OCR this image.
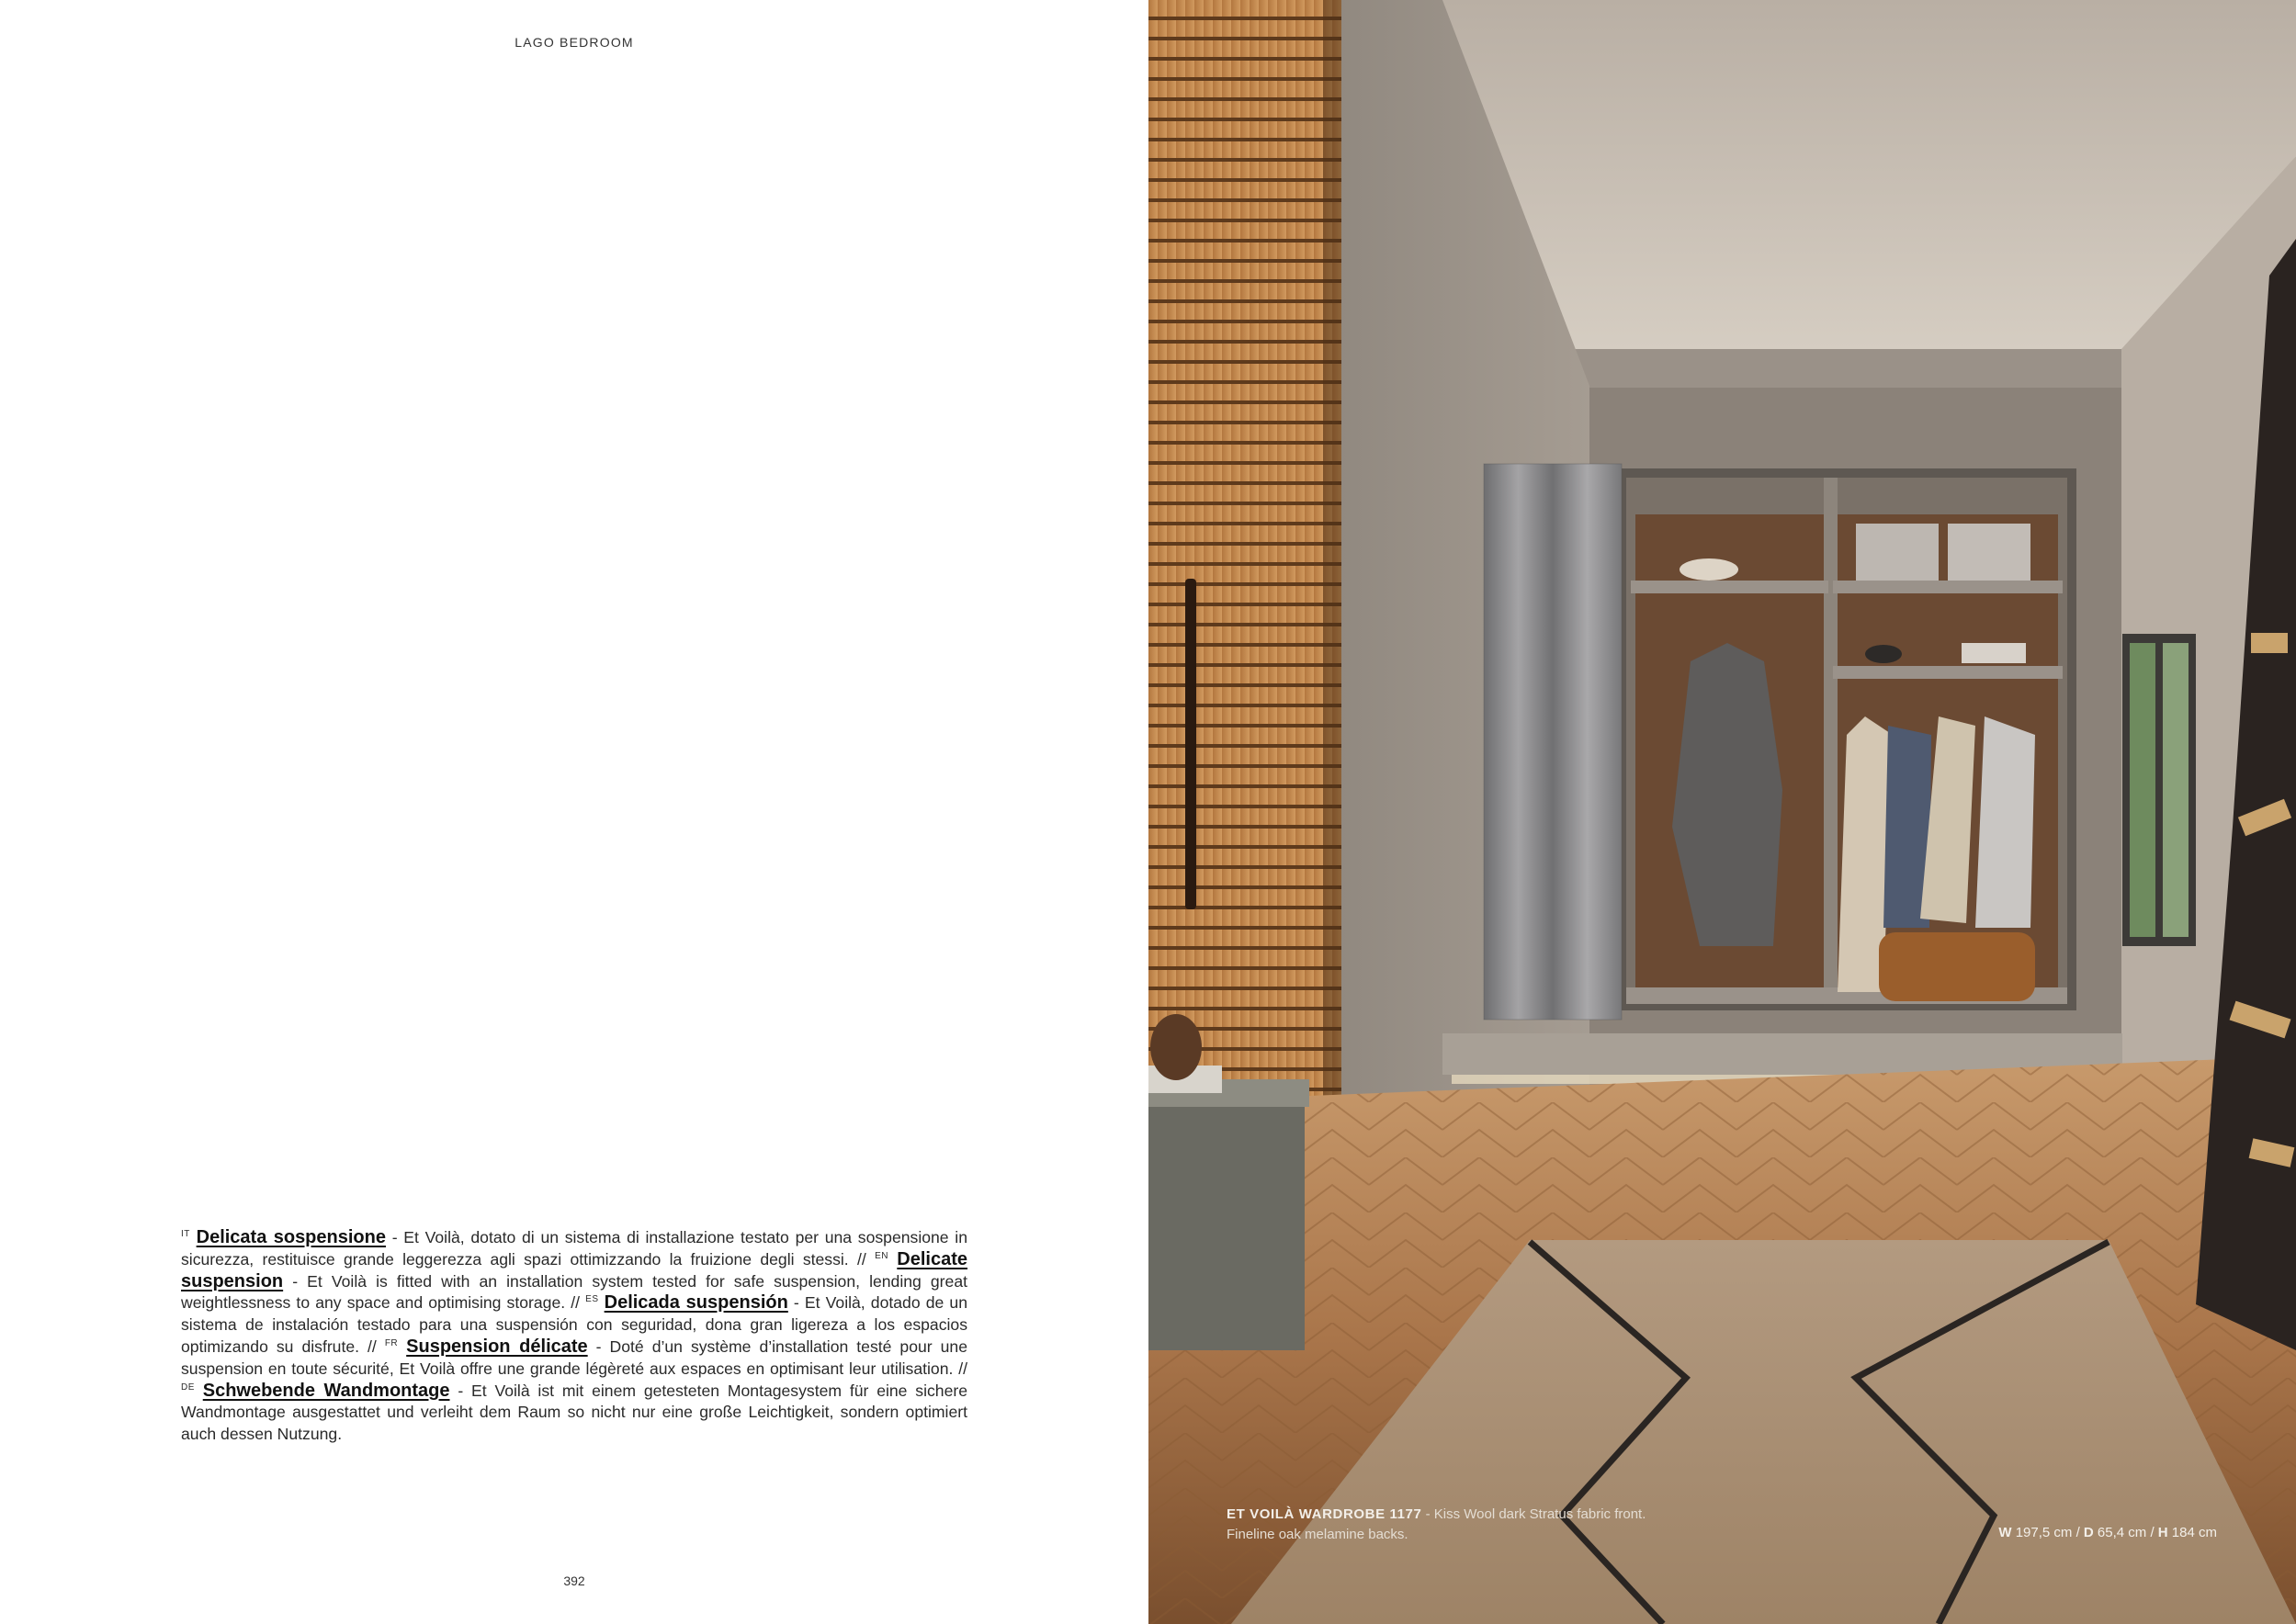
LAGO BEDROOM

$^{IT}$ Delicata sospensione - Et Voilà, dotato di un sistema di installazione testato per una sospensione in sicurezza, restituisce grande leggerezza agli spazi ottimizzando la fruizione degli stessi. // $^{EN}$ Delicate suspension - Et Voilà is fitted with an installation system tested for safe suspension, lending great weightlessness to any space and optimising storage. // $^{ES}$ Delicada suspensión - Et Voilà, dotado de un sistema de instalación testado para una suspensión con seguridad, dona gran ligereza a los espacios optimizando su disfrute. // $^{FR}$ Suspension délicate - Doté d’un système d’installation testé pour une suspension en toute sécurité, Et Voilà offre une grande légèreté aux espaces en optimisant leur utilisation. // $^{DE}$ Schwebende Wandmontage - Et Voilà ist mit einem getesteten Montagesystem für eine sichere Wandmontage ausgestattet und verleiht dem Raum so nicht nur eine große Leichtigkeit, sondern optimiert auch dessen Nutzung.

392
ET VOILÀ WARDROBE 1177 - Kiss Wool dark Stratus fabric front.
Fineline oak melamine backs.	W 197,5 cm / D 65,4 cm / H 184 cm
